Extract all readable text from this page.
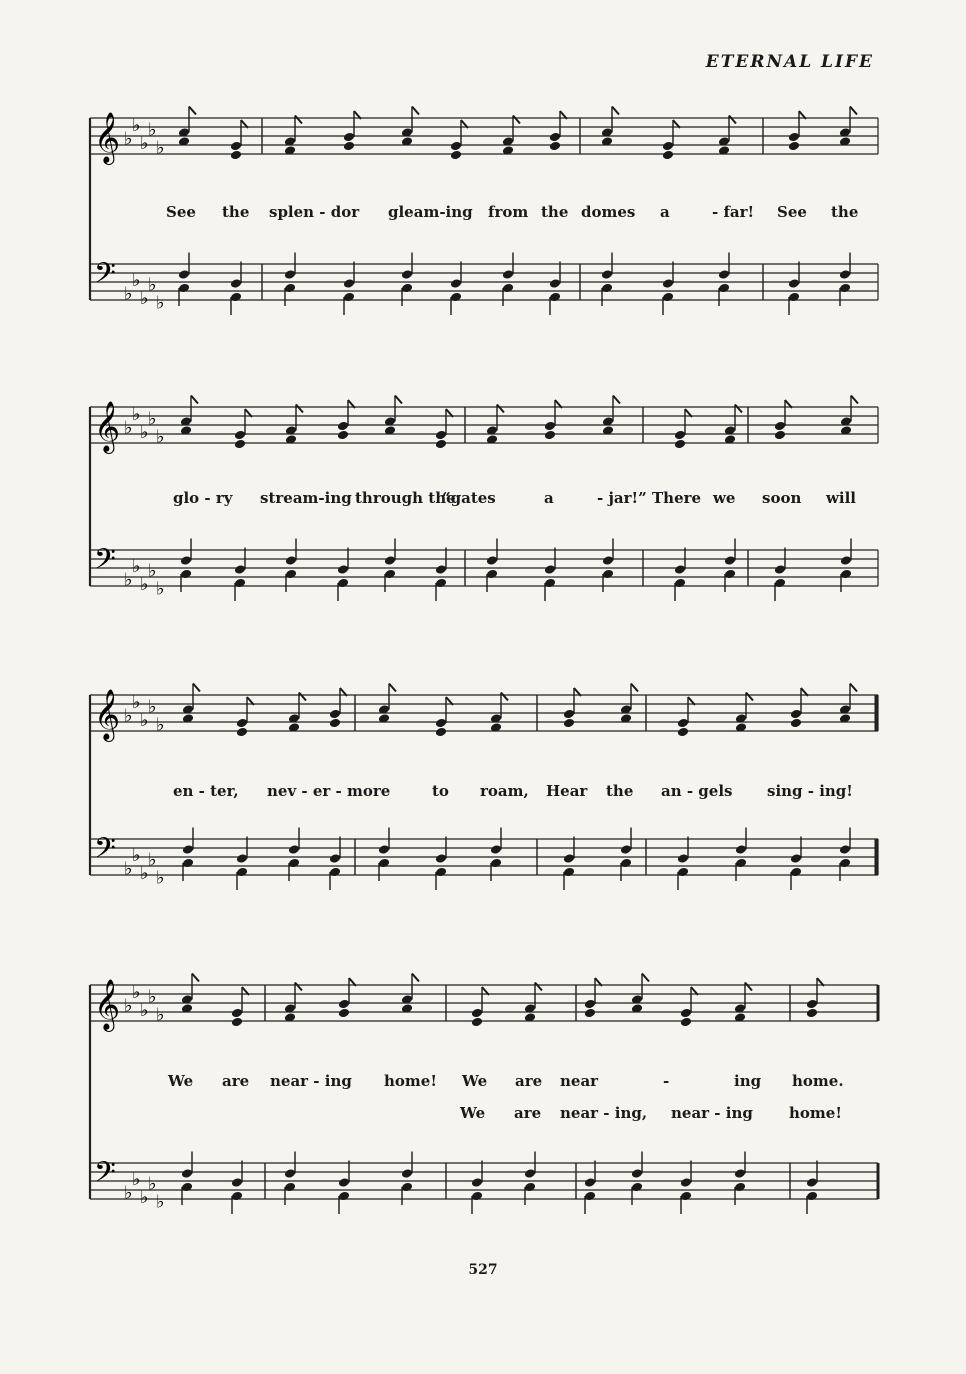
ETERNAL LIFE
𝄞 ♭
♭
♭
♭
♭
𝄢 ♭
♭
♭
♭
♭
See the splen - dor gleam-ing from the domes a	- far! See the
𝄞 ♭
♭
♭
♭
♭
𝄢 ♭
♭
♭
♭
♭
glo - ry stream-ing through the
“gates	a	- jar!” There we soon will
𝄞 ♭
♭
♭
♭
♭
𝄢 ♭
♭
♭
♭
♭
en - ter, nev - er - more	to roam, Hear the an - gels sing - ing!
𝄞 ♭
♭
♭
♭
♭
𝄢 ♭
♭
♭
♭
♭
We are near - ing home! We are near	-	ing home.
We are near - ing, near - ing home!
527
